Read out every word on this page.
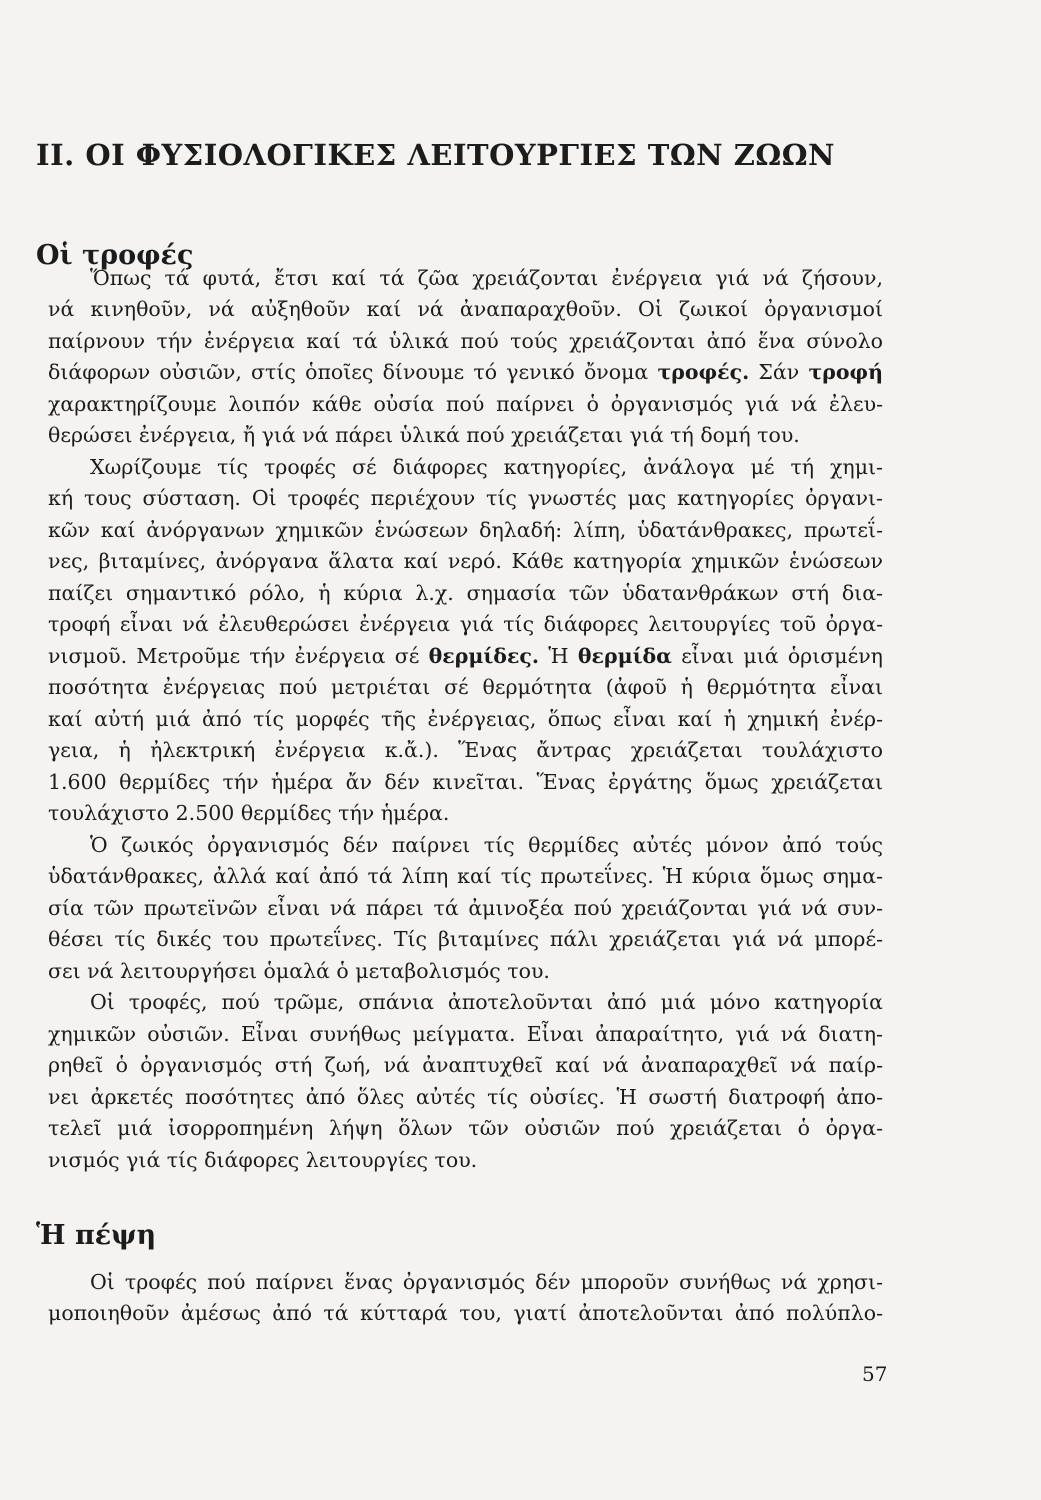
II. ΟΙ ΦΥΣΙΟΛΟΓΙΚΕΣ ΛΕΙΤΟΥΡΓΙΕΣ ΤΩΝ ΖΩΩΝ
Οἱ τροφές
Ὅπως τά φυτά, ἔτσι καί τά ζῶα χρειάζονται ἐνέργεια γιά νά ζήσουν,
νά κινηθοῦν, νά αὐξηθοῦν καί νά ἀναπαραχθοῦν. Οἱ ζωικοί ὀργανισμοί
παίρνουν τήν ἐνέργεια καί τά ὑλικά πού τούς χρειάζονται ἀπό ἕνα σύνολο
διάφορων οὐσιῶν, στίς ὁποῖες δίνουμε τό γενικό ὄνομα τροφές. Σάν τροφή
χαρακτηρίζουμε λοιπόν κάθε οὐσία πού παίρνει ὁ ὀργανισμός γιά νά ἐλευ-
θερώσει ἐνέργεια, ἤ γιά νά πάρει ὑλικά πού χρειάζεται γιά τή δομή του.
Χωρίζουμε τίς τροφές σέ διάφορες κατηγορίες, ἀνάλογα μέ τή χημι-
κή τους σύσταση. Οἱ τροφές περιέχουν τίς γνωστές μας κατηγορίες ὀργανι-
κῶν καί ἀνόργανων χημικῶν ἑνώσεων δηλαδή: λίπη, ὑδατάνθρακες, πρωτεΐ-
νες, βιταμίνες, ἀνόργανα ἅλατα καί νερό. Κάθε κατηγορία χημικῶν ἑνώσεων
παίζει σημαντικό ρόλο, ἡ κύρια λ.χ. σημασία τῶν ὑδατανθράκων στή δια-
τροφή εἶναι νά ἐλευθερώσει ἐνέργεια γιά τίς διάφορες λειτουργίες τοῦ ὀργα-
νισμοῦ. Μετροῦμε τήν ἐνέργεια σέ θερμίδες. Ἡ θερμίδα εἶναι μιά ὁρισμένη
ποσότητα ἐνέργειας πού μετριέται σέ θερμότητα (ἀφοῦ ἡ θερμότητα εἶναι
καί αὐτή μιά ἀπό τίς μορφές τῆς ἐνέργειας, ὅπως εἶναι καί ἡ χημική ἐνέρ-
γεια, ἡ ἠλεκτρική ἐνέργεια κ.ἄ.). Ἕνας ἄντρας χρειάζεται τουλάχιστο
1.600 θερμίδες τήν ἡμέρα ἄν δέν κινεῖται. Ἕνας ἐργάτης ὅμως χρειάζεται
τουλάχιστο 2.500 θερμίδες τήν ἡμέρα.
Ὁ ζωικός ὀργανισμός δέν παίρνει τίς θερμίδες αὐτές μόνον ἀπό τούς
ὑδατάνθρακες, ἀλλά καί ἀπό τά λίπη καί τίς πρωτεΐνες. Ἡ κύρια ὅμως σημα-
σία τῶν πρωτεϊνῶν εἶναι νά πάρει τά ἀμινοξέα πού χρειάζονται γιά νά συν-
θέσει τίς δικές του πρωτεΐνες. Τίς βιταμίνες πάλι χρειάζεται γιά νά μπορέ-
σει νά λειτουργήσει ὁμαλά ὁ μεταβολισμός του.
Οἱ τροφές, πού τρῶμε, σπάνια ἀποτελοῦνται ἀπό μιά μόνο κατηγορία
χημικῶν οὐσιῶν. Εἶναι συνήθως μείγματα. Εἶναι ἀπαραίτητο, γιά νά διατη-
ρηθεῖ ὁ ὀργανισμός στή ζωή, νά ἀναπτυχθεῖ καί νά ἀναπαραχθεῖ νά παίρ-
νει ἀρκετές ποσότητες ἀπό ὅλες αὐτές τίς οὐσίες. Ἡ σωστή διατροφή ἀπο-
τελεῖ μιά ἰσορροπημένη λήψη ὅλων τῶν οὐσιῶν πού χρειάζεται ὁ ὀργα-
νισμός γιά τίς διάφορες λειτουργίες του.
Ἡ πέψη
Οἱ τροφές πού παίρνει ἕνας ὀργανισμός δέν μποροῦν συνήθως νά χρησι-
μοποιηθοῦν ἀμέσως ἀπό τά κύτταρά του, γιατί ἀποτελοῦνται ἀπό πολύπλο-
57
